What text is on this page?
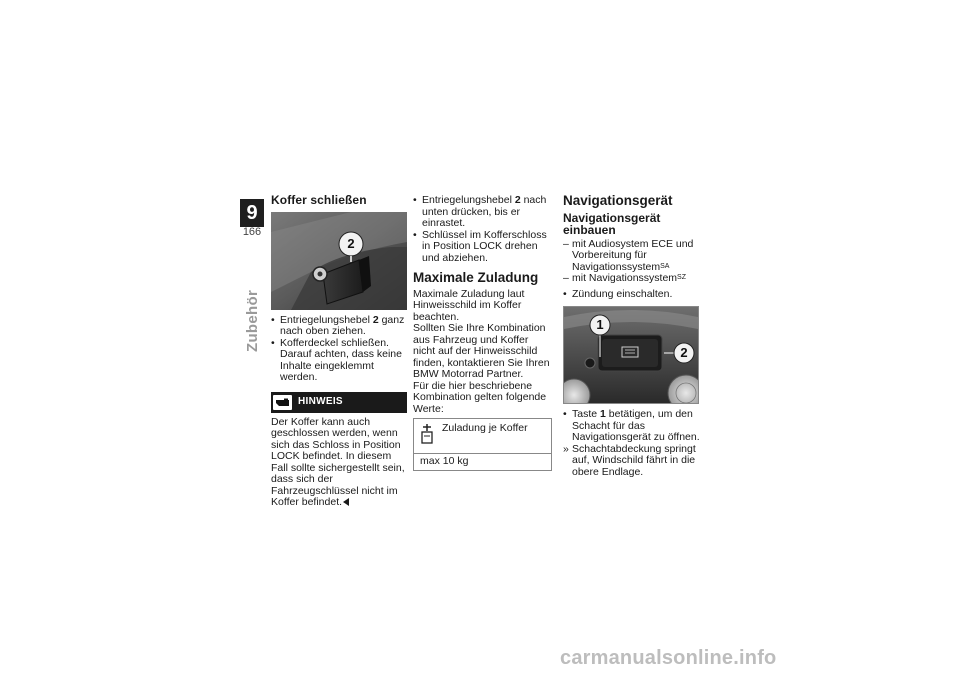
9
166
Zubehör
Koffer schließen
2
• Entriegelungshebel 2 ganz nach oben ziehen.
• Kofferdeckel schließen. Darauf achten, dass keine Inhalte eingeklemmt werden.
HINWEIS

Der Koffer kann auch geschlossen werden, wenn sich das Schloss in Position LOCK befindet. In diesem Fall sollte sichergestellt sein, dass sich der Fahrzeugschlüssel nicht im Koffer befindet.

• Entriegelungshebel 2 nach unten drücken, bis er einrastet.
• Schlüssel im Kofferschloss in Position LOCK drehen und abziehen.
Maximale Zuladung

Maximale Zuladung laut Hinweisschild im Koffer beachten.

Sollten Sie Ihre Kombination aus Fahrzeug und Koffer nicht auf der Hinweisschild finden, kontaktieren Sie Ihren BMW Motorrad Partner.

Für die hier beschriebene Kombination gelten folgende Werte:

Zuladung je Koffer
max 10 kg
Navigationsgerät
Navigationsgerät einbauen
– mit Audiosystem ECE und Vorbereitung für Navigationssystem$^{SA}$
– mit Navigationssystem$^{SZ}$
• Zündung einschalten.
1
2
• Taste 1 betätigen, um den Schacht für das Navigationsgerät zu öffnen.
» Schachtabdeckung springt auf, Windschild fährt in die obere Endlage.
carmanualsonline.info
